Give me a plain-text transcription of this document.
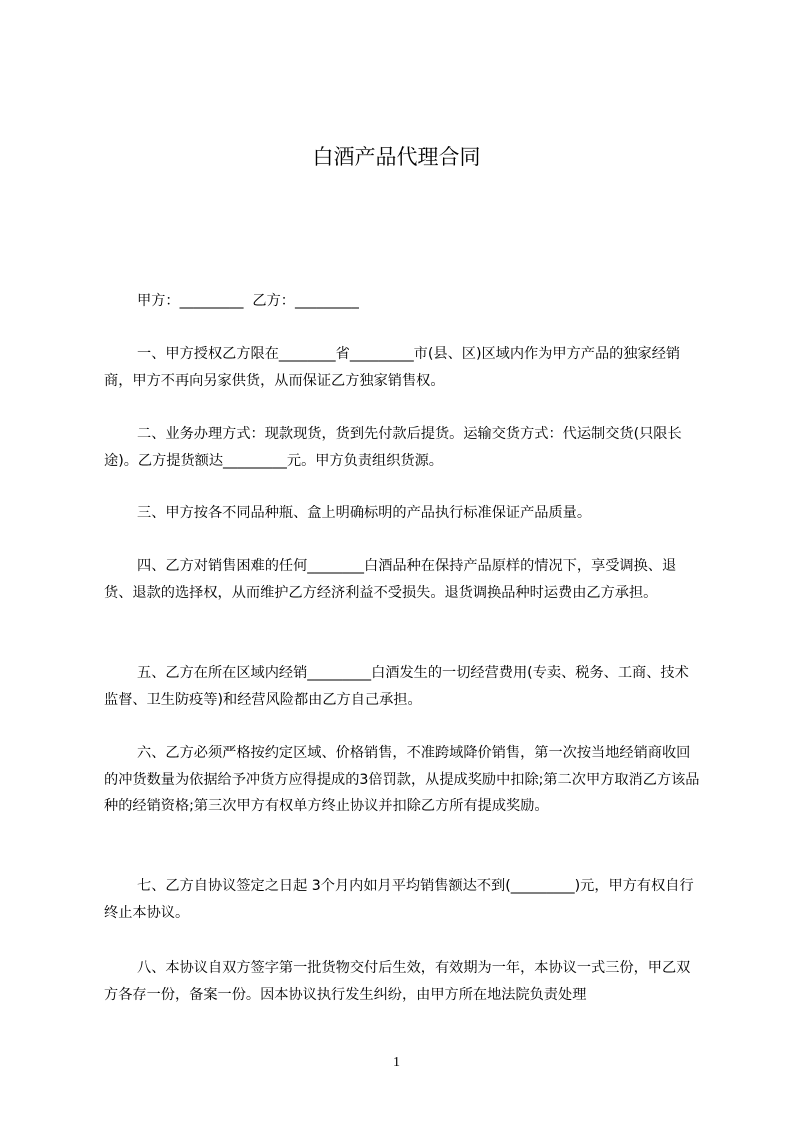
白酒产品代理合同

甲方：_________  乙方：_________

一、甲方授权乙方限在________省_________市(县、区)区域内作为甲方产品的独家经销商，甲方不再向另家供货，从而保证乙方独家销售权。

二、业务办理方式：现款现货，货到先付款后提货。运输交货方式：代运制交货(只限长途)。乙方提货额达_________元。甲方负责组织货源。

三、甲方按各不同品种瓶、盒上明确标明的产品执行标准保证产品质量。

四、乙方对销售困难的任何________白酒品种在保持产品原样的情况下，享受调换、退货、退款的选择权，从而维护乙方经济利益不受损失。退货调换品种时运费由乙方承担。

五、乙方在所在区域内经销_________白酒发生的一切经营费用(专卖、税务、工商、技术监督、卫生防疫等)和经营风险都由乙方自己承担。

六、乙方必须严格按约定区域、价格销售，不准跨域降价销售，第一次按当地经销商收回的冲货数量为依据给予冲货方应得提成的3倍罚款，从提成奖励中扣除;第二次甲方取消乙方该品种的经销资格;第三次甲方有权单方终止协议并扣除乙方所有提成奖励。

七、乙方自协议签定之日起 3个月内如月平均销售额达不到(_________)元，甲方有权自行终止本协议。

八、本协议自双方签字第一批货物交付后生效，有效期为一年，本协议一式三份，甲乙双方各存一份，备案一份。因本协议执行发生纠纷，由甲方所在地法院负责处理

1
